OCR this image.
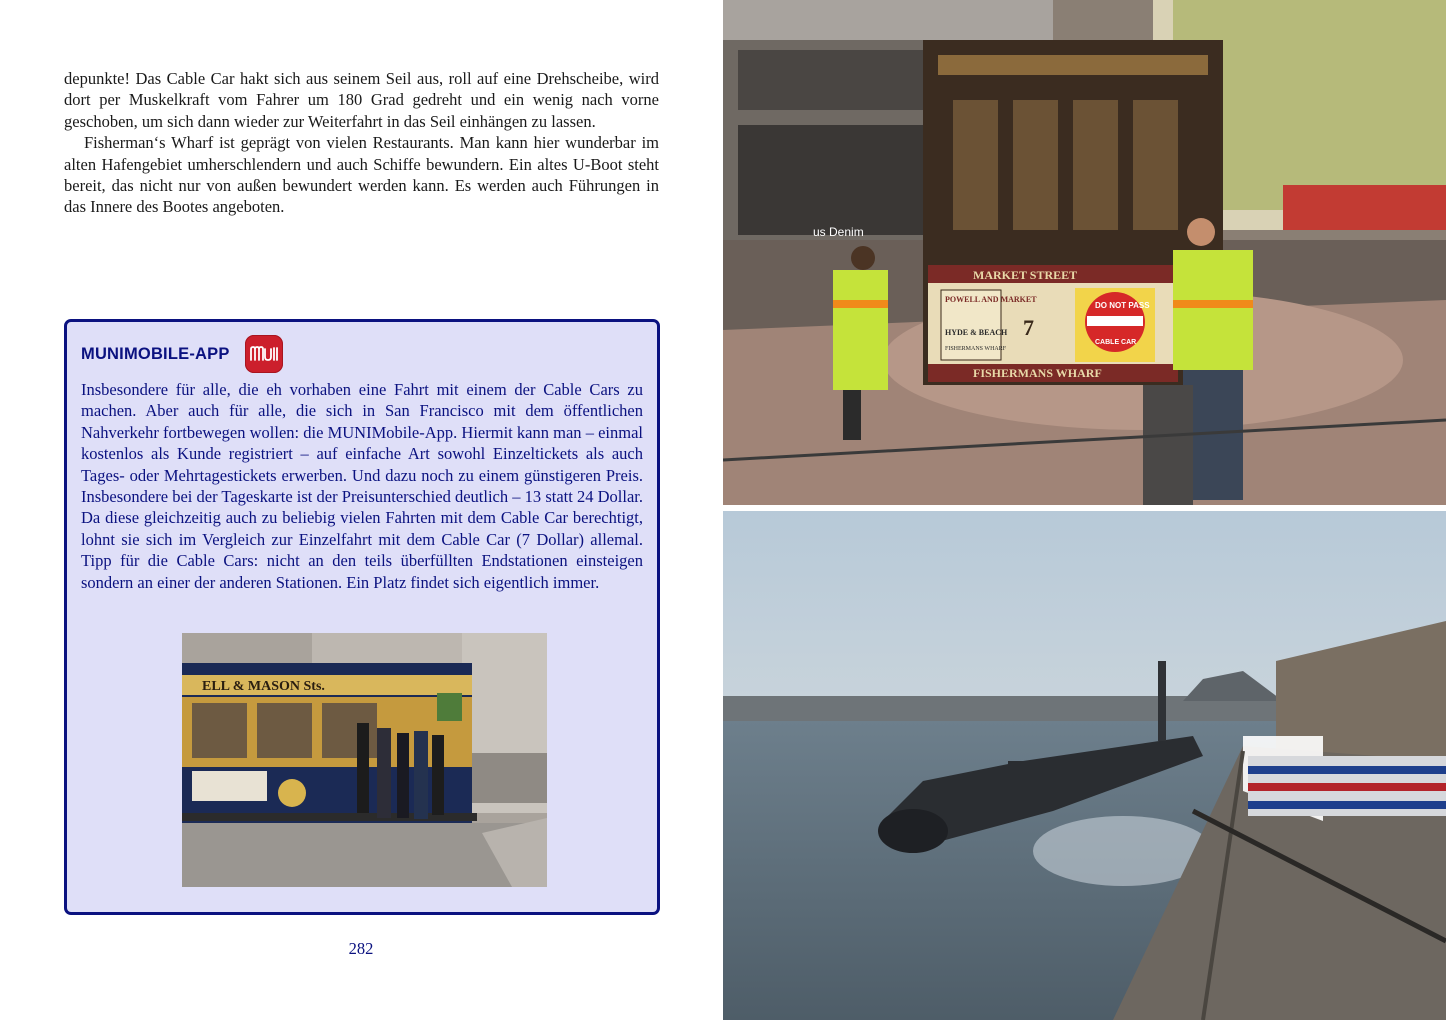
depunkte! Das Cable Car hakt sich aus seinem Seil aus, roll auf eine Drehscheibe, wird dort per Muskelkraft vom Fahrer um 180 Grad gedreht und ein wenig nach vorne geschoben, um sich dann wieder zur Weiterfahrt in das Seil einhängen zu lassen.

Fisherman‘s Wharf ist geprägt von vielen Restaurants. Man kann hier wunderbar im alten Hafengebiet umherschlendern und auch Schiffe bewundern. Ein altes U-Boot steht bereit, das nicht nur von außen bewundert werden kann. Es werden auch Führungen in das Innere des Bootes angeboten.

MUNIMOBILE-APP

Insbesondere für alle, die eh vorhaben eine Fahrt mit einem der Cable Cars zu machen. Aber auch für alle, die sich in San Francisco mit dem öffentlichen Nahverkehr fortbewegen wollen: die MUNIMobile-App. Hiermit kann man – einmal kostenlos als Kunde registriert – auf einfache Art sowohl Einzeltickets als auch Tages- oder Mehrtagestickets erwerben. Und dazu noch zu einem günstigeren Preis. Insbesondere bei der Tageskarte ist der Preisunterschied deutlich – 13 statt 24 Dollar. Da diese gleichzeitig auch zu beliebig vielen Fahrten mit dem Cable Car berechtigt, lohnt sie sich im Vergleich zur Einzelfahrt mit dem Cable Car (7 Dollar) allemal. Tipp für die Cable Cars: nicht an den teils überfüllten Endstationen einsteigen sondern an einer der anderen Stationen. Ein Platz findet sich eigentlich immer.

ELL & MASON Sts.
282
us Denim
MARKET STREET
POWELL AND MARKET
HYDE & BEACH
FISHERMANS WHARF
7
DO NOT PASS
CABLE CAR
FISHERMANS WHARF
